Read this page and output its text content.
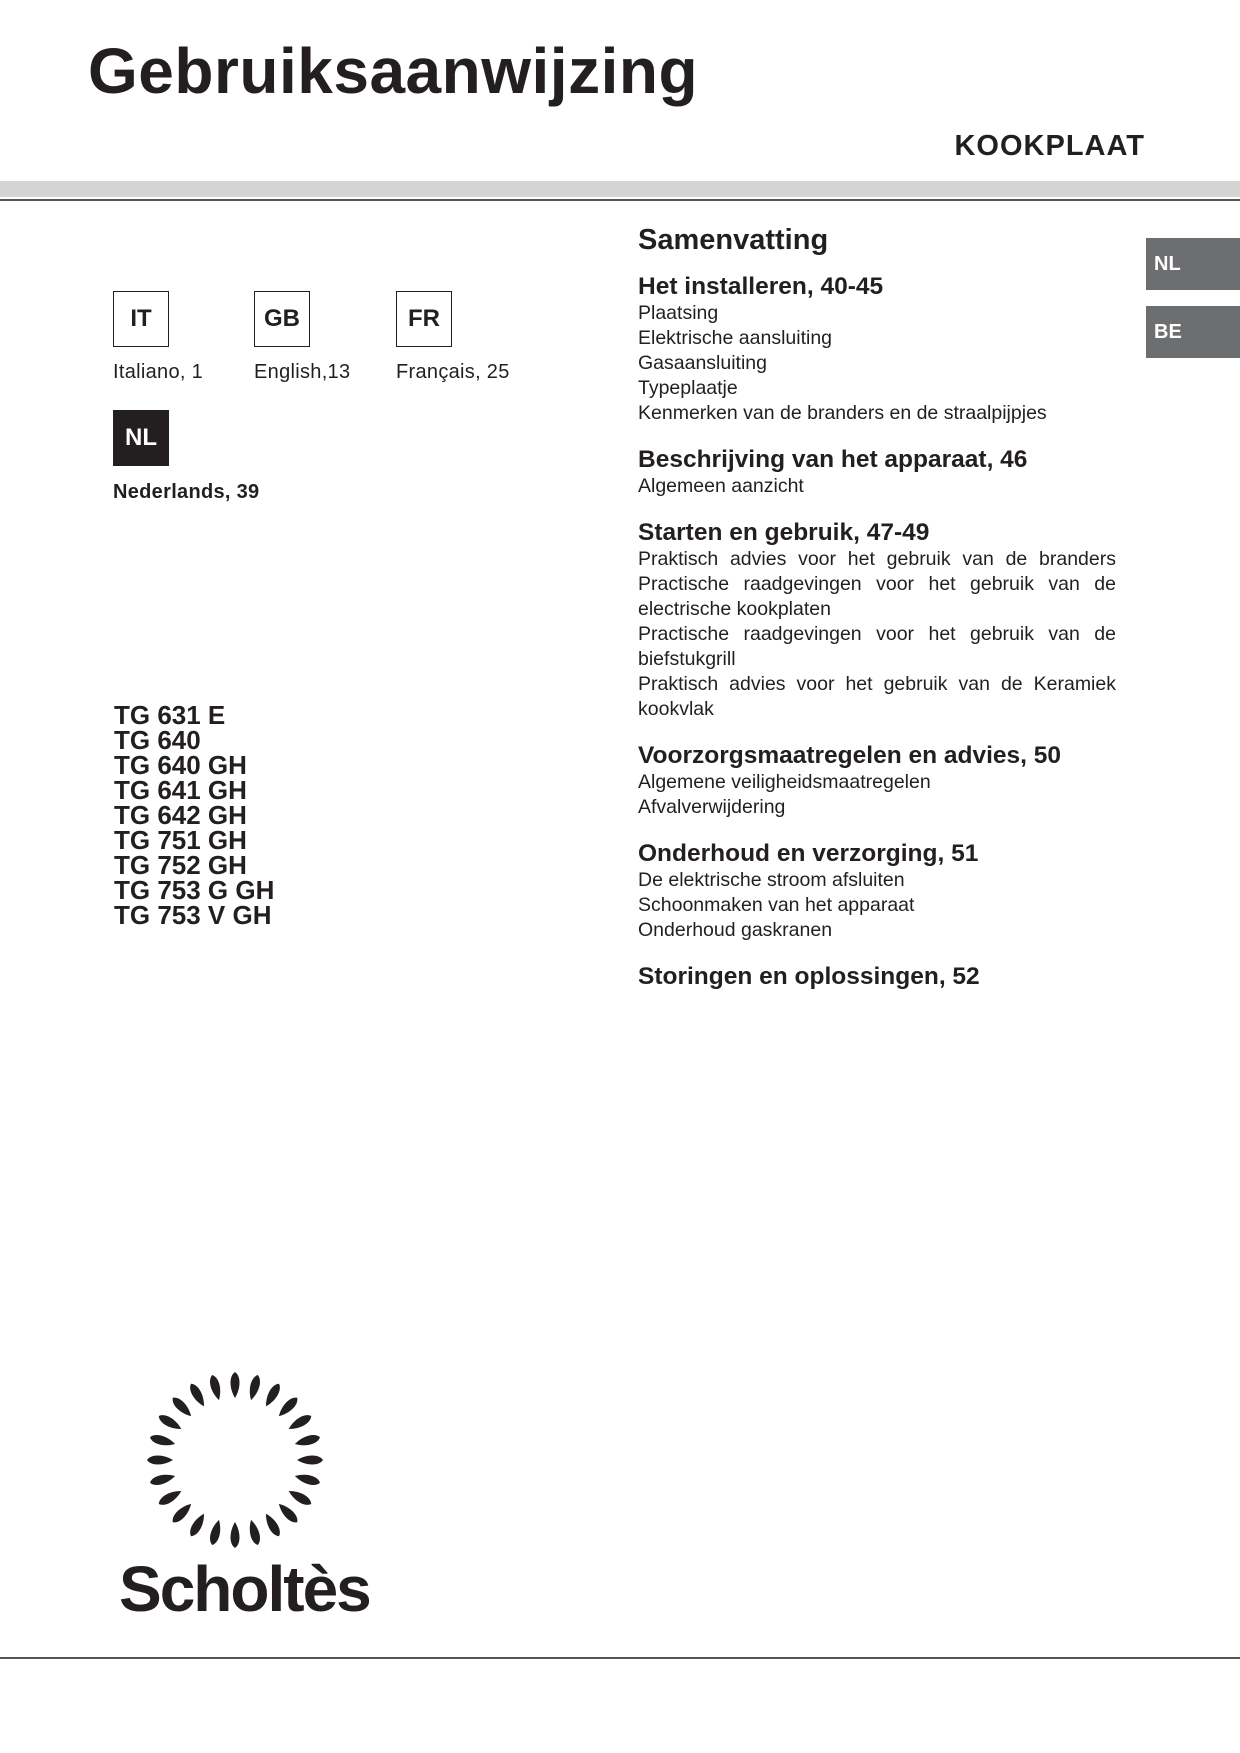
Gebruiksaanwijzing
KOOKPLAAT
IT	GB	FR
Italiano, 1	English,13 Français, 25
NL
Nederlands, 39
TG 631 E
TG 640
TG 640 GH
TG 641 GH
TG 642 GH
TG 751 GH
TG 752 GH
TG 753 G GH
TG 753 V GH
Samenvatting
Het installeren, 40-45
Plaatsing
Elektrische aansluiting
Gasaansluiting
Typeplaatje
Kenmerken van de branders en de straalpijpjes
Beschrijving van het apparaat, 46
Algemeen aanzicht
Starten en gebruik, 47-49
Praktisch advies voor het gebruik van de branders
Practische raadgevingen voor het gebruik van de
electrische kookplaten
Practische raadgevingen voor het gebruik van de
biefstukgrill
Praktisch advies voor het gebruik van de Keramiek
kookvlak
Voorzorgsmaatregelen en advies, 50
Algemene veiligheidsmaatregelen
Afvalverwijdering
Onderhoud en verzorging, 51
De elektrische stroom afsluiten
Schoonmaken van het apparaat
Onderhoud gaskranen
Storingen en oplossingen, 52
NL
BE
Scholtès
